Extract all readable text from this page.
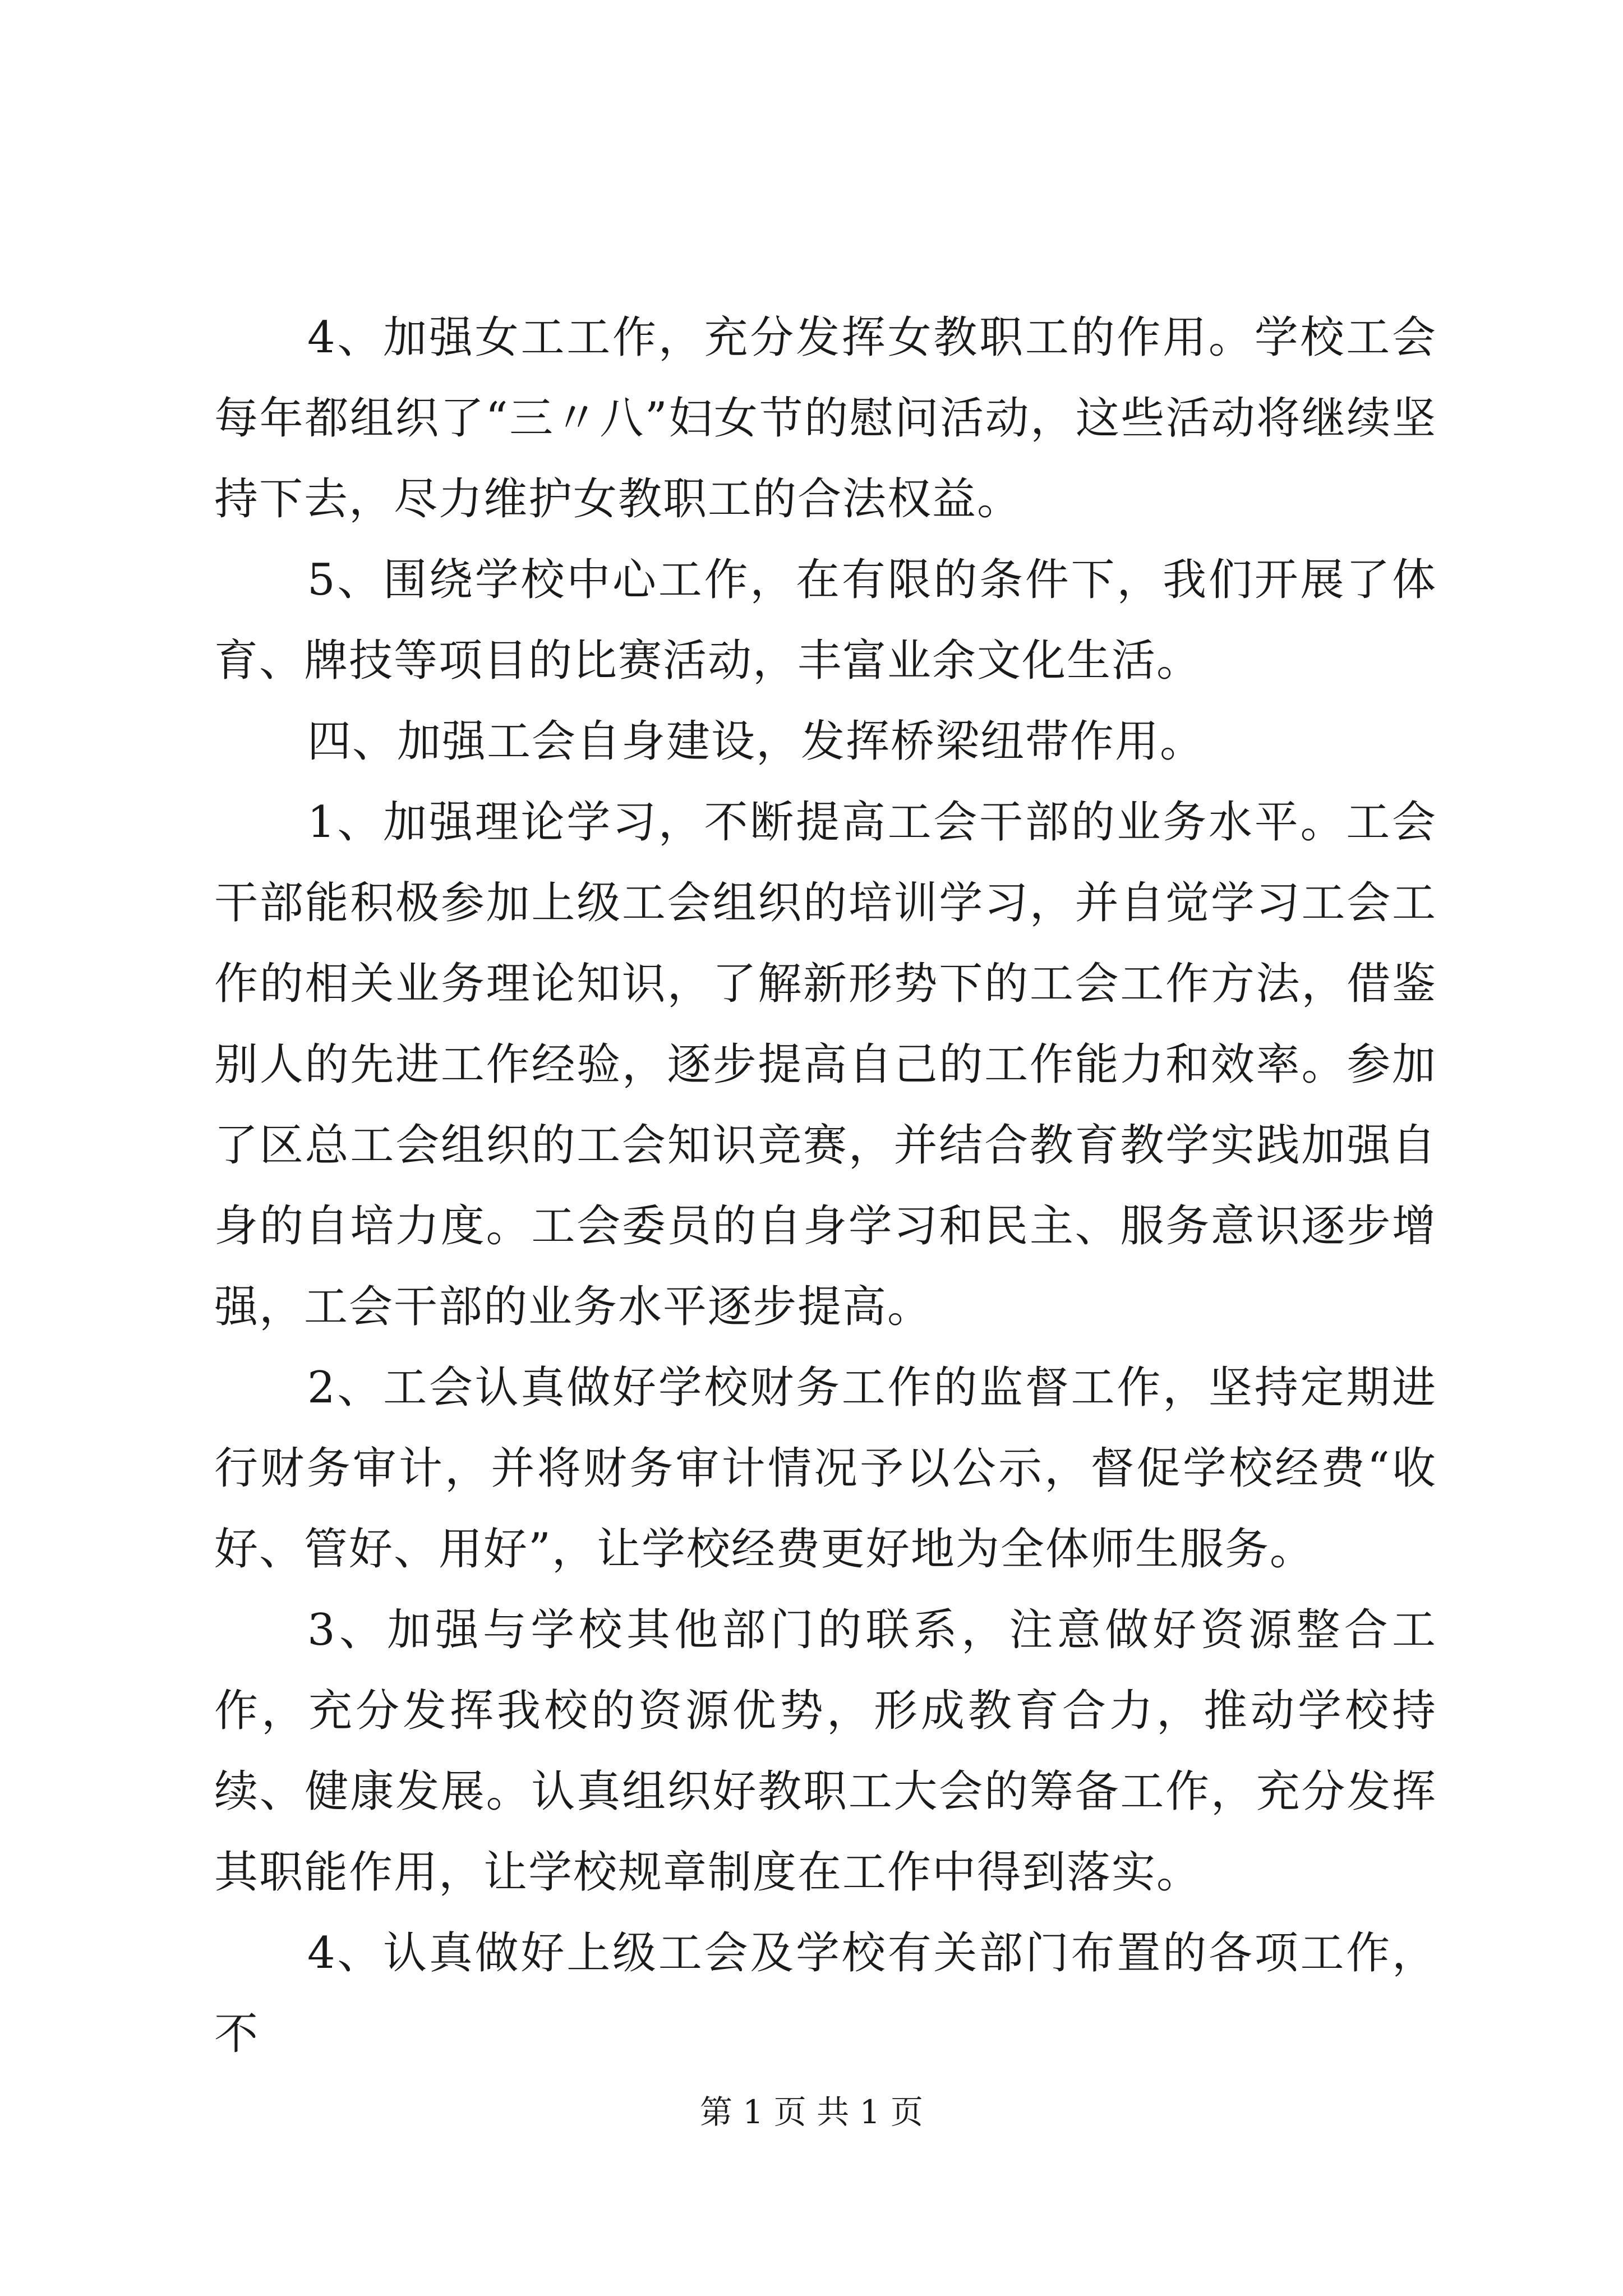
4、加强女工工作，充分发挥女教职工的作用。学校工会每年都组织了“三〃八”妇女节的慰问活动，这些活动将继续坚持下去，尽力维护女教职工的合法权益。

5、围绕学校中心工作，在有限的条件下，我们开展了体育、牌技等项目的比赛活动，丰富业余文化生活。

四、加强工会自身建设，发挥桥梁纽带作用。

1、加强理论学习，不断提高工会干部的业务水平。工会干部能积极参加上级工会组织的培训学习，并自觉学习工会工作的相关业务理论知识，了解新形势下的工会工作方法，借鉴别人的先进工作经验，逐步提高自己的工作能力和效率。参加了区总工会组织的工会知识竞赛，并结合教育教学实践加强自身的自培力度。工会委员的自身学习和民主、服务意识逐步增强，工会干部的业务水平逐步提高。

2、工会认真做好学校财务工作的监督工作，坚持定期进行财务审计，并将财务审计情况予以公示，督促学校经费“收好、管好、用好”，让学校经费更好地为全体师生服务。

3、加强与学校其他部门的联系，注意做好资源整合工作，充分发挥我校的资源优势，形成教育合力，推动学校持续、健康发展。认真组织好教职工大会的筹备工作，充分发挥其职能作用，让学校规章制度在工作中得到落实。

4、认真做好上级工会及学校有关部门布置的各项工作，不

第 1 页 共 1 页
